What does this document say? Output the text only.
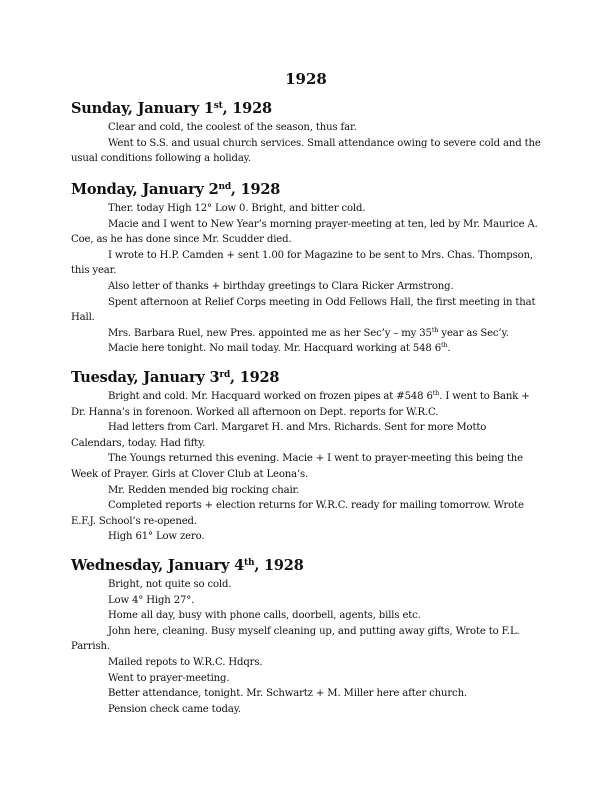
1928
Sunday, January 1st, 1928

Clear and cold, the coolest of the season, thus far.

Went to S.S. and usual church services. Small attendance owing to severe cold and the usual conditions following a holiday.

Monday, January 2nd, 1928

Ther. today High 12° Low 0. Bright, and bitter cold.

Macie and I went to New Year’s morning prayer-meeting at ten, led by Mr. Maurice A. Coe, as he has done since Mr. Scudder died.

I wrote to H.P. Camden + sent 1.00 for Magazine to be sent to Mrs. Chas. Thompson, this year.

Also letter of thanks + birthday greetings to Clara Ricker Armstrong.

Spent afternoon at Relief Corps meeting in Odd Fellows Hall, the first meeting in that Hall.

Mrs. Barbara Ruel, new Pres. appointed me as her Sec’y – my 35th year as Sec’y.

Macie here tonight. No mail today. Mr. Hacquard working at 548 6th.

Tuesday, January 3rd, 1928

Bright and cold. Mr. Hacquard worked on frozen pipes at #548 6th. I went to Bank + Dr. Hanna’s in forenoon. Worked all afternoon on Dept. reports for W.R.C.

Had letters from Carl. Margaret H. and Mrs. Richards. Sent for more Motto Calendars, today. Had fifty.

The Youngs returned this evening. Macie + I went to prayer-meeting this being the Week of Prayer. Girls at Clover Club at Leona’s.

Mr. Redden mended big rocking chair.

Completed reports + election returns for W.R.C. ready for mailing tomorrow. Wrote E.F.J. School’s re-opened.

High 61° Low zero.

Wednesday, January 4th, 1928

Bright, not quite so cold.

Low 4° High 27°.

Home all day, busy with phone calls, doorbell, agents, bills etc.

John here, cleaning. Busy myself cleaning up, and putting away gifts, Wrote to F.L. Parrish.

Mailed repots to W.R.C. Hdqrs.

Went to prayer-meeting.

Better attendance, tonight. Mr. Schwartz + M. Miller here after church.

Pension check came today.
